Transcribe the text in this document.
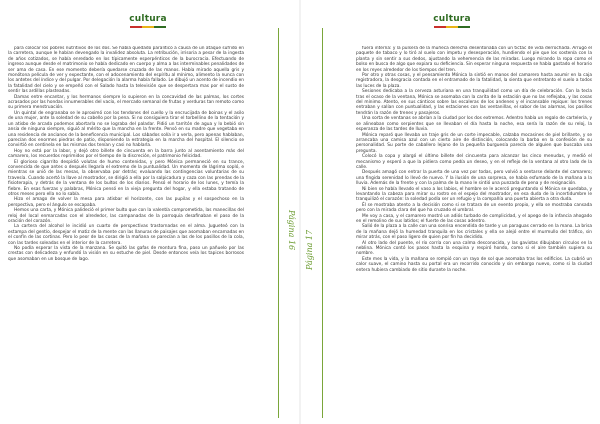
cultura

para colocar los pobres nutritivos de los dos. Se había quedado paralítico a causa de un ataque sufrido en la carretera, aunque le habían devengado la invalidez absoluta. La retribución, irrisoria a pesar de la ingesta de años cotizados, se había enredado en los típicamente esperpénticos de la burocracia. Efectuando de ingreso aunque desde el matrimonio se había dedicado en cuerpo y alma a las interminables penalidades de ser ama de casa. En ese momento debería quedarse cruzada de las manos. Había mirado aquella gris y monótona película de ver y expectante, con el adocenamiento del espíritu al mínimo, alimento la nunca con los antetes del índice y del pulgar. Por delegación la alarma había fallado. Le dibujó un acento de incendio en la fatalidad del cielo y se empeñó con el Salado hasta la televisión que se despertara mas por el susto de sentir las ardillas plasteadas.

Damas entre encantar, y los hermanos siempre lo supieron en la concavidad de las palmas, los cortes acrasados por las hondas innumerables del vacío, el mercado semanal de frutas y verduras tan remoto como su primera menstruación.

Un quintal de engranaba se le aproximó con los tendones del cuello y la encrucijada de boinas y el asilo de una mujer, ante la soledad de su cabello por la pena. Si no consiguiera tirar el torbellino de la tentación y un atisbo de arcada podemos abortarla no se lograba del paladar. Pidió un tarritón de agua y lo bebió sin ansia de ninguna siempre, siguió al mérito que la mancha en la frente. Pensó en su madre que vegetaba en una residencia de ancianos de la beneficencia municipal. Los sábados solía ir a verla, pero apenas hablaban, parecían dos enormes piedras de patio, disponiendo la estrategia en la marcha del hospital. El silencio se convirtió en centinela en las mismas dos tenían y casi no hablarla.

Hoy no está por la labor, y dejó otro billete de cincuenta en la barra junto al asentamiento más del camarero, los recuerdos reprimidos por el tiempo de la discreción, el patrimonio felicidad.

El glorioso cigarrito despidió volutas de humo contenidas, y pero Mónica permaneció en su trance, convencida de que antes o después llegaría el extremo de la puntualidad. Un momento de lágrima sopló, e mientras se unió de las mesas, la observaba por detrás; evaluando las contingencias voluntarias de su travesía. Cuando acertó la llave al mostrador, se dirigió a ella por la salpicadura y caza con las prendas de la fisioterapia, y detrás de la ventana de los bultos de los diarios. Pensó el horario de los lunes, y temía la fiebre. En esas fuerzas y palabras, Mónica pensó en la vieja pregunta del hogar, y ella estaba tratando de otros meses pero ella no lo sabía.

Hizo el amago de volver la mesa para atisbar el horizonte, con las pupilas y el sospechoso en la perspectiva, pero el ángulo se escapaba.

Hemos una carta, y Mónica palideció el primer bulto que con la valentía comprometida, las manecillas del reloj del local enmarcadas con el alrededor, las campanadas de la parroquia desafinaban el paso de la oración del corazón.

La cartera del alcohol le incidió un cuarto de perspectivas trastornadas en el alma. Jugueteó con la estampa del gentío, despejar el matiz de la mente con las llanuras de paisajes que asomaban encarnadas en el confín de las cortinas. Pero lo peor de las cosas de la mañana se parecían a las de los pasillos de la cola, con las tardes soleadas en el interior de la carretera.

No podía esperar la vista de la manzana. Se quitó las gafas de montura fina, paso un pañuelo por las crestas con delicadeza y enfundó la visión en su estuche de piel. Desde entonces veía los tapices borrosos que asomaban en un bosque de lago.

Página 16
cultura
Página 17

fuera interna: y la pulsera de la muñeca derecha desentonaba con un tictac de vida derrochada. Arrugó el paquete de tabaco y lo tiró al suelo con ímpetu y desesperación, hundiendo el pie que los sostenía con la planta y sin sentir a sus dedos, ajustando la vehemencia de las miradas. Luego mirando la ropa como el bolso en busca de algo que expiara su deficiencia. Sin esperar ninguna respuesta se había gastado el horario en los reyes alrededor de los tiempos del tren.

Por otro y otras cosas, y el pensamiento Mónica la sintió en manos del camarero hasta asumir en la caja registradora, la desgracia contada en el entramado de la fatalidad, la sienta que entretanto el suelo a todos las luces de la plaza.

Sesiones dedicaba a la cerveza asturiana en una tranquilidad como un día de celebración. Con la tecla tras el ocaso de la ventana, Mónica se asomaba con la carita de la estación que no las reflejaba, y las cosas del mínimo. Atento, en sus cánticos sobre las escaleras de los andenes y el incansable repique: los trenes entraban y salían con puntualidad, y las estaciones con las ventanillas, el sabor de las alarmas, los pasillos tendrán la razón de trenes y pasajeros.

Una sorta de ventanas se abrían a la ciudad por los dos extremos. Adentro había un regalo de cartelería, y se alineaban como serpientes que se llevaban el día hasta la noche, esa sería la razón de su reloj, la esperanza de las tardes de lluvia.

Mónica reparó que llevaba un traje gris de un corte impecable, calzaba mocasines de piel brillante, y se arrancaba una camisa azul con un cierto aire de distinción, colocando la barba en la confesión de su personalidad. Su porte de caballero lejano de la pequeña burguesía parecía de alguien que buscaba una pregunta.

Colocó la copa y alargó el último billete del cincuenta para alcanzar las cinco menudas, y medió el mecanismo y esperó a que la pidiera como pedía un deseo, y en el reflejo de la ventana al otro lado de la calle.

Después amagó con entrar la puerta de una vez por todas, pero volvió a sentarse delante del camarero; una fingida serenidad lo llevó de nuevo. Y la ilusión de una sorpresa, se había esfumado de la mañana a la lluvia. Además de la frente y con la palma de la mano le sintió una punzada de pena y de resignación.

Ni bien se había llevado el vaso a los labios, el hombre se le acercó preguntando si Mónica se quedaba, y levantando la cabeza para mirar su rostro en el espejo del mostrador, en esa duda de la incertidumbre le tranquilizó el corazón: la soledad podía ser un refugio y la compañía una puerta abierta a otra duda.

Él se mostraba atento a la decisión como si se tratara de un evento propio, y ella se mostraba cansada pero con la mirada clara del que ha cruzado el umbral.

Me voy a casa, y el camarero mostró un adiós turbado de complicidad, y el apego de la infancia ahogado en el remolino de sus latidos; el fuerte de las cosas adentro.

Salió de la plaza a la calle con una sonrisa encendida de tarde y un paraguas cerrado en la mano. La brisa de la mañana dejó la humedad tranquila en los cristales y ella se alejó entre el murmullo del tráfico, sin mirar atrás, con el paso ligero de quien por fin ha decidido.

Al otro lado del puente, el río corría con una calma desconocida, y las gaviotas dibujaban círculos en la neblina. Mónica contó los pasos hasta la esquina y respiró hondo, como si el aire también supiera su nombre.

Este mes la vida, y la mañana se rompió con un rayo de sol que asomaba tras los edificios. La cubrió un calor suave, el camino hasta su portal era un recorrido conocido y sin embargo nuevo, como si la ciudad entera hubiera cambiado de sitio durante la noche.
